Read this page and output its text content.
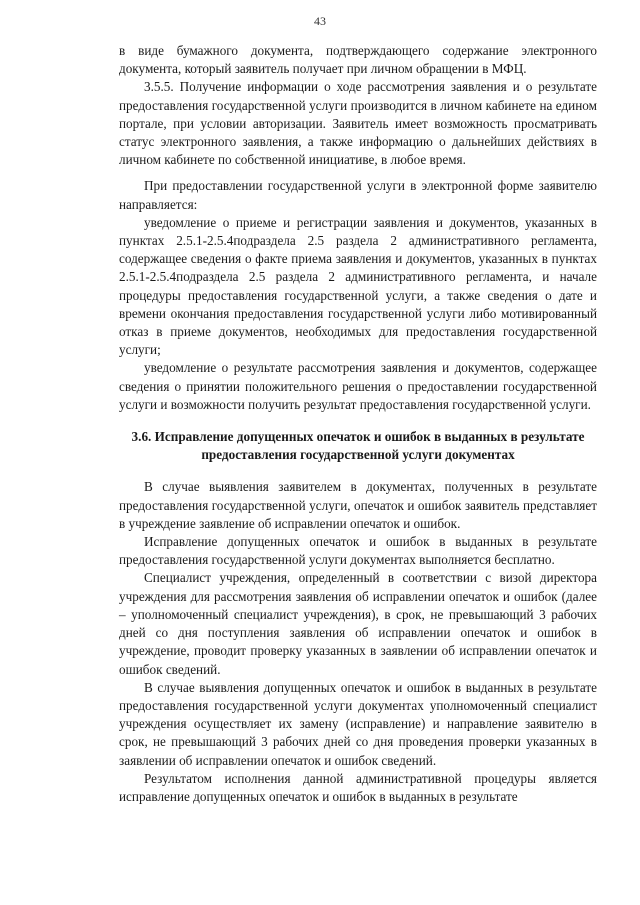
43

в виде бумажного документа, подтверждающего содержание электронного документа, который заявитель получает при личном обращении в МФЦ.

3.5.5. Получение информации о ходе рассмотрения заявления и о результате предоставления государственной услуги производится в личном кабинете на едином портале, при условии авторизации. Заявитель имеет возможность просматривать статус электронного заявления, а также информацию о дальнейших действиях в личном кабинете по собственной инициативе, в любое время.

При предоставлении государственной услуги в электронной форме заявителю направляется:

уведомление о приеме и регистрации заявления и документов, указанных в пунктах 2.5.1-2.5.4подраздела 2.5 раздела 2 административного регламента, содержащее сведения о факте приема заявления и документов, указанных в пунктах 2.5.1-2.5.4подраздела 2.5 раздела 2 административного регламента, и начале процедуры предоставления государственной услуги, а также сведения о дате и времени окончания предоставления государственной услуги либо мотивированный отказ в приеме документов, необходимых для предоставления государственной услуги;

уведомление о результате рассмотрения заявления и документов, содержащее сведения о принятии положительного решения о предоставлении государственной услуги и возможности получить результат предоставления государственной услуги.

3.6. Исправление допущенных опечаток и ошибок в выданных в результате предоставления государственной услуги документах

В случае выявления заявителем в документах, полученных в результате предоставления государственной услуги, опечаток и ошибок заявитель представляет в учреждение заявление об исправлении опечаток и ошибок.

Исправление допущенных опечаток и ошибок в выданных в результате предоставления государственной услуги документах выполняется бесплатно.

Специалист учреждения, определенный в соответствии с визой директора учреждения для рассмотрения заявления об исправлении опечаток и ошибок (далее – уполномоченный специалист учреждения), в срок, не превышающий 3 рабочих дней со дня поступления заявления об исправлении опечаток и ошибок в учреждение, проводит проверку указанных в заявлении об исправлении опечаток и ошибок сведений.

В случае выявления допущенных опечаток и ошибок в выданных в результате предоставления государственной услуги документах уполномоченный специалист учреждения осуществляет их замену (исправление) и направление заявителю в срок, не превышающий 3 рабочих дней со дня проведения проверки указанных в заявлении об исправлении опечаток и ошибок сведений.

Результатом исполнения данной административной процедуры является исправление допущенных опечаток и ошибок в выданных в результате
